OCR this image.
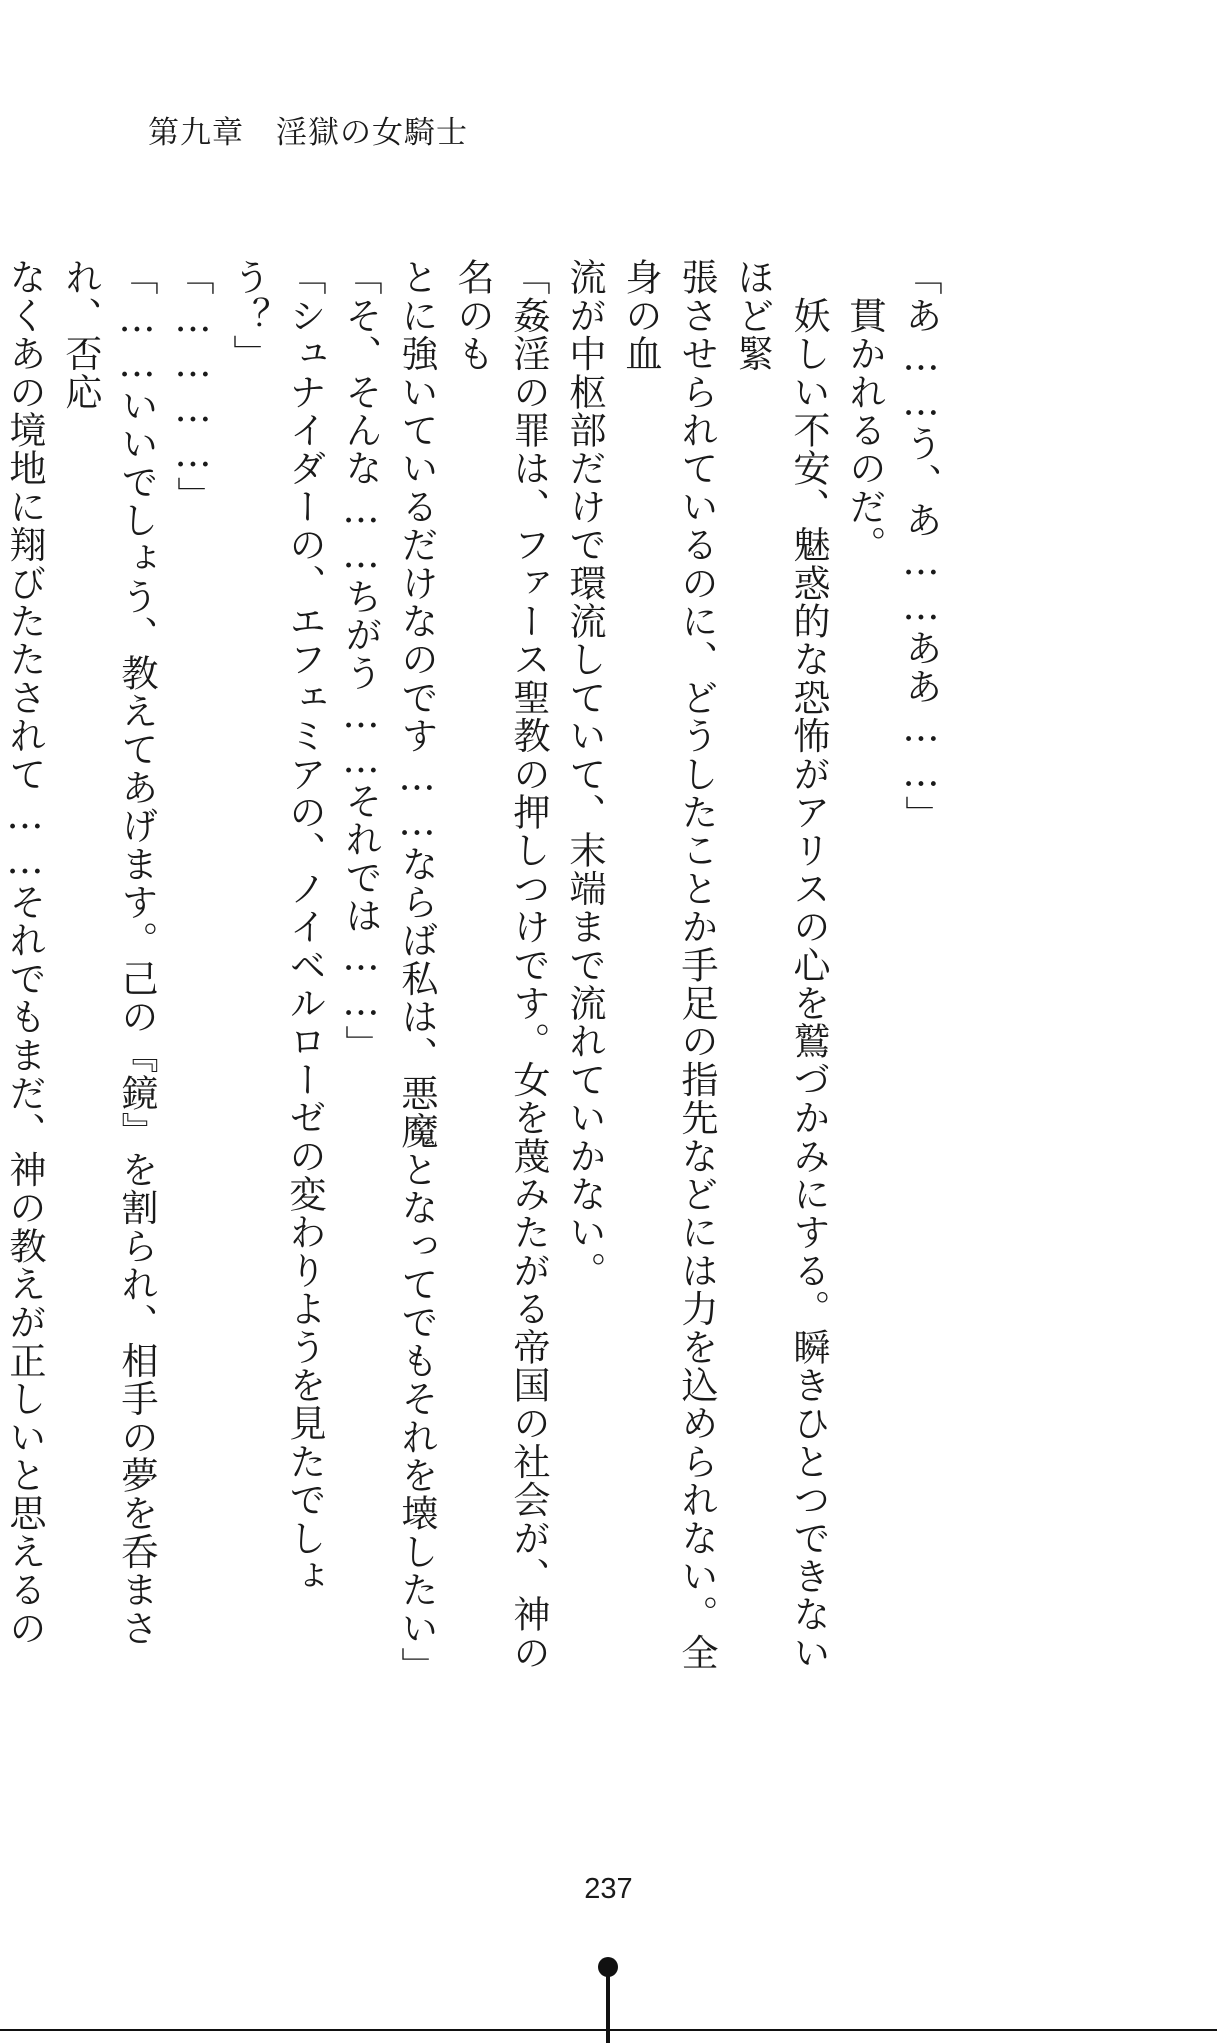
第九章　淫獄の女騎士

「あ……う、あ……ああ……」

　貫かれるのだ。

　妖しい不安、魅惑的な恐怖がアリスの心を鷲づかみにする。瞬きひとつできないほど緊

張させられているのに、どうしたことか手足の指先などには力を込められない。全身の血

流が中枢部だけで環流していて、末端まで流れていかない。

「姦淫の罪は、ファース聖教の押しつけです。女を蔑みたがる帝国の社会が、神の名のも

とに強いているだけなのです……ならば私は、悪魔となってでもそれを壊したい」

「そ、そんな……ちがう……それでは……」

「シュナイダーの、エフェミアの、ノイベルローゼの変わりようを見たでしょう？」

「…………」

「……いいでしょう、教えてあげます。己の『鏡』を割られ、相手の夢を呑まされ、否応

なくあの境地に翔びたたされて……それでもまだ、神の教えが正しいと思えるの

237
